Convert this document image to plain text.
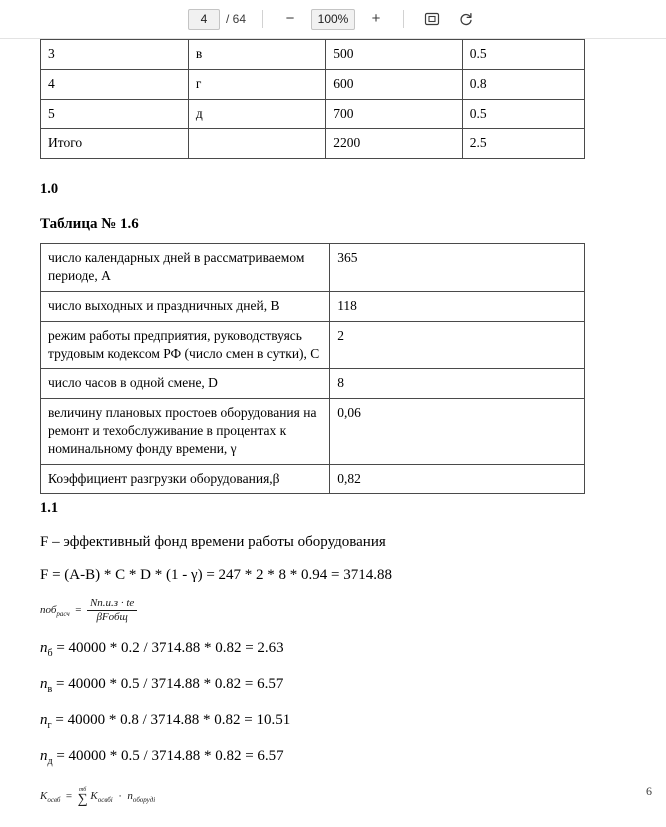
4
/ 64	−	100%	+
3	в	500	0.5
4	г	600	0.8
5	д	700	0.5
Итого		2200	2.5
1.0
Таблица № 1.6
число календарных дней в рассматриваемом периоде, А	365
число выходных и праздничных дней, B	118
режим работы предприятия, руководствуясь трудовым кодексом РФ (число смен в сутки), С	2
число часов в одной смене, D	8
величину плановых простоев оборудования на ремонт и техобслуживание в процентах к номинальному фонду времени, γ	0,06
Коэффициент разгрузки оборудования,β	0,82
1.1
F – эффективный фонд времени работы оборудования
F = (A-B) * C * D * (1 - γ) = 247 * 2 * 8 * 0.94 = 3714.88
$поб_{расч} = \frac{Nп.и.з \cdot tе}{\text{βFобщ}}$
$n_б = 40000 * 0.2 / 3714.88 * 0.82 = 2.63$
$n_в = 40000 * 0.5 / 3714.88 * 0.82 = 6.57$
$n_г = 40000 * 0.8 / 3714.88 * 0.82 = 10.51$
$n_д = 40000 * 0.5 / 3714.88 * 0.82 = 6.57$
$K_{освб}$  =
mб
∑ $K_{освбi} \cdot n_{оборудi}$
6
